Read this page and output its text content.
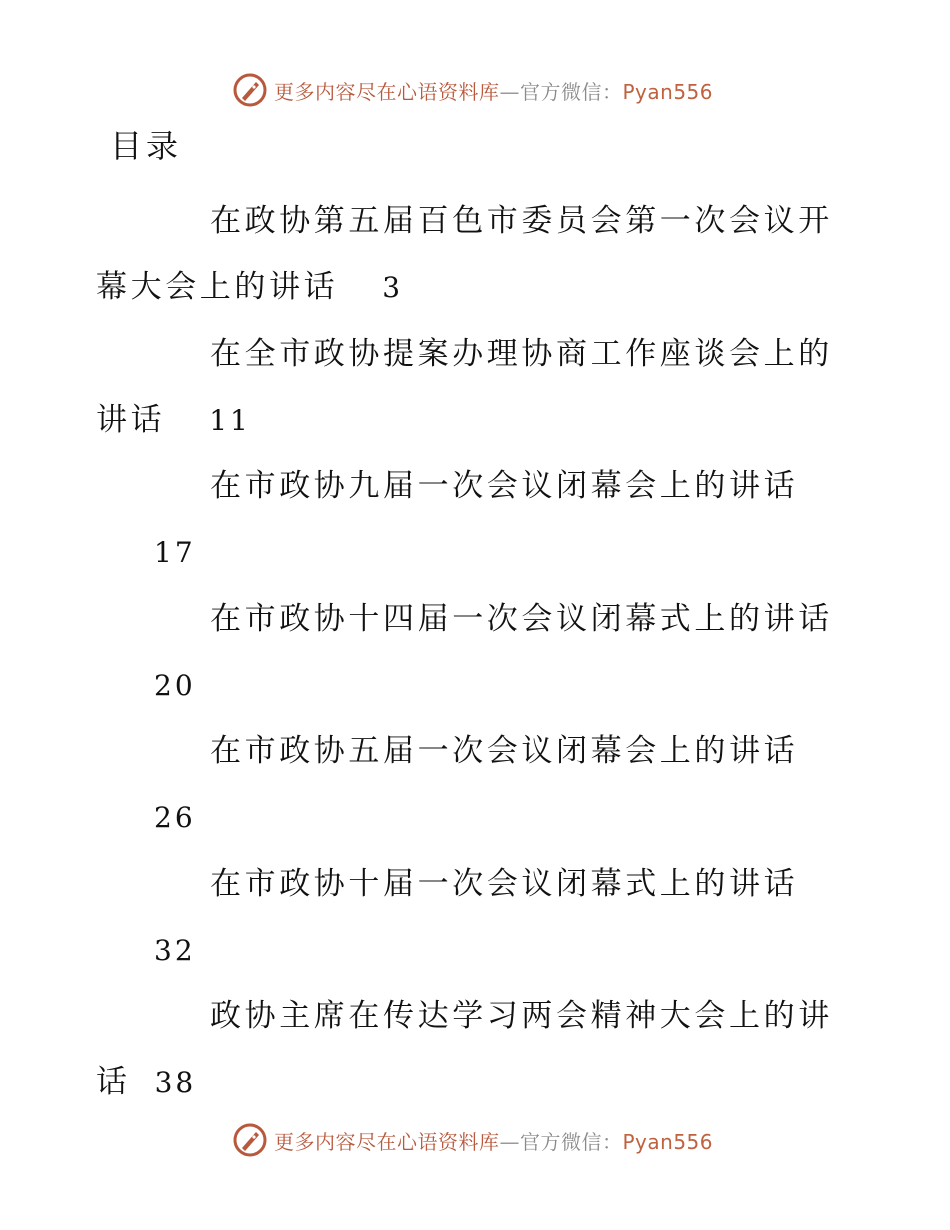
更多内容尽在心语资料库—官方微信：Pyan556
目录
在政协第五届百色市委员会第一次会议开
幕大会上的讲话 3
在全市政协提案办理协商工作座谈会上的
讲话 11
在市政协九届一次会议闭幕会上的讲话
17
在市政协十四届一次会议闭幕式上的讲话
20
在市政协五届一次会议闭幕会上的讲话
26
在市政协十届一次会议闭幕式上的讲话
32
政协主席在传达学习两会精神大会上的讲
话 38
更多内容尽在心语资料库—官方微信：Pyan556
